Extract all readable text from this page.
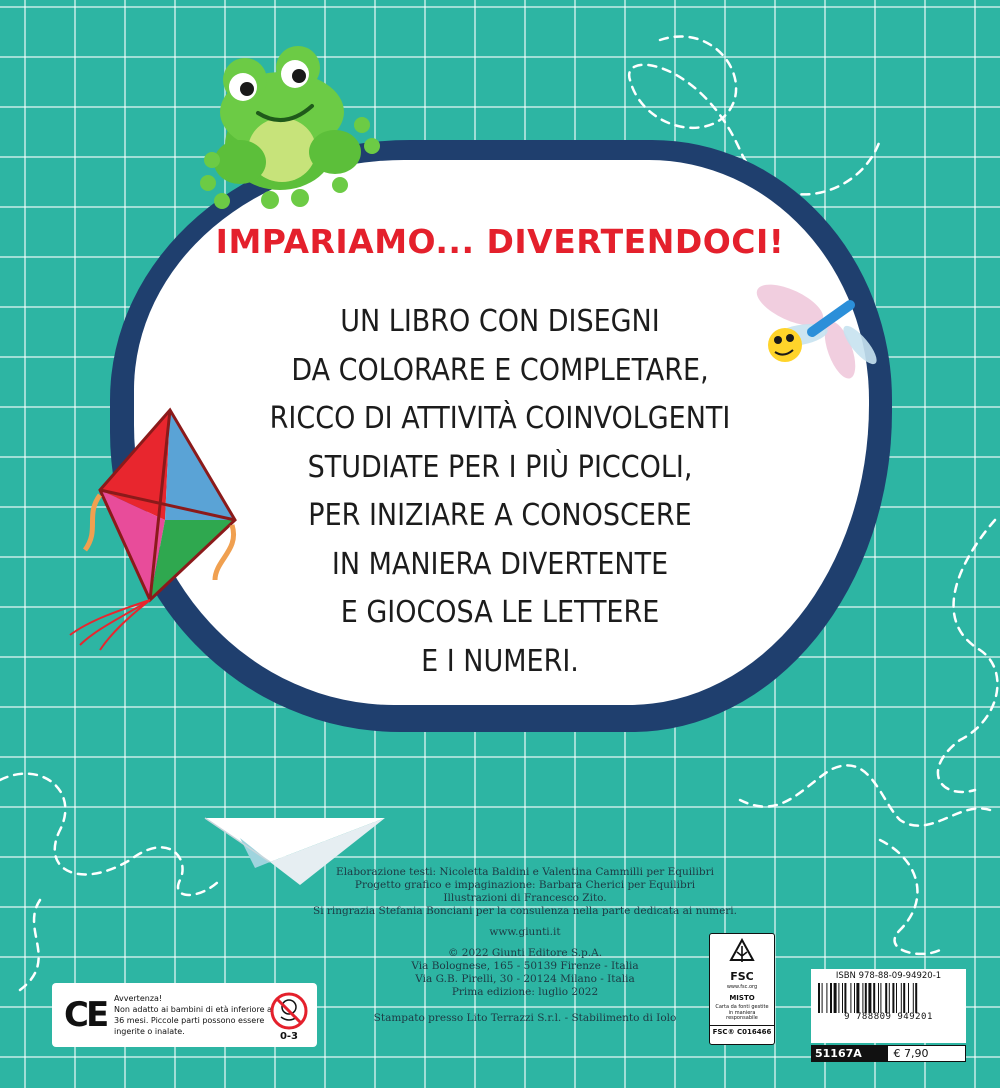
IMPARIAMO... DIVERTENDOCI!
UN LIBRO CON DISEGNI
DA COLORARE E COMPLETARE,
RICCO DI ATTIVITÀ COINVOLGENTI
STUDIATE PER I PIÙ PICCOLI,
PER INIZIARE A CONOSCERE
IN MANIERA DIVERTENTE
E GIOCOSA LE LETTERE
E I NUMERI.
Elaborazione testi: Nicoletta Baldini e Valentina Cammilli per Equilibri
Progetto grafico e impaginazione: Barbara Cherici per Equilibri
Illustrazioni di Francesco Zito.
Si ringrazia Stefania Bonciani per la consulenza nella parte dedicata ai numeri.
www.giunti.it
© 2022 Giunti Editore S.p.A.
Via Bolognese, 165 - 50139 Firenze - Italia
Via G.B. Pirelli, 30 - 20124 Milano - Italia
Prima edizione: luglio 2022
Stampato presso Lito Terrazzi S.r.l. - Stabilimento di Iolo
CE Avvertenza!
Non adatto ai bambini di età inferiore a 36 mesi. Piccole parti possono essere ingerite o inalate.	0-3
FSC
www.fsc.org
MISTO
Carta da fonti gestite in maniera responsabile
FSC® C016466
ISBN 978-88-09-94920-1
9 788809 949201
51167A	€ 7,90
